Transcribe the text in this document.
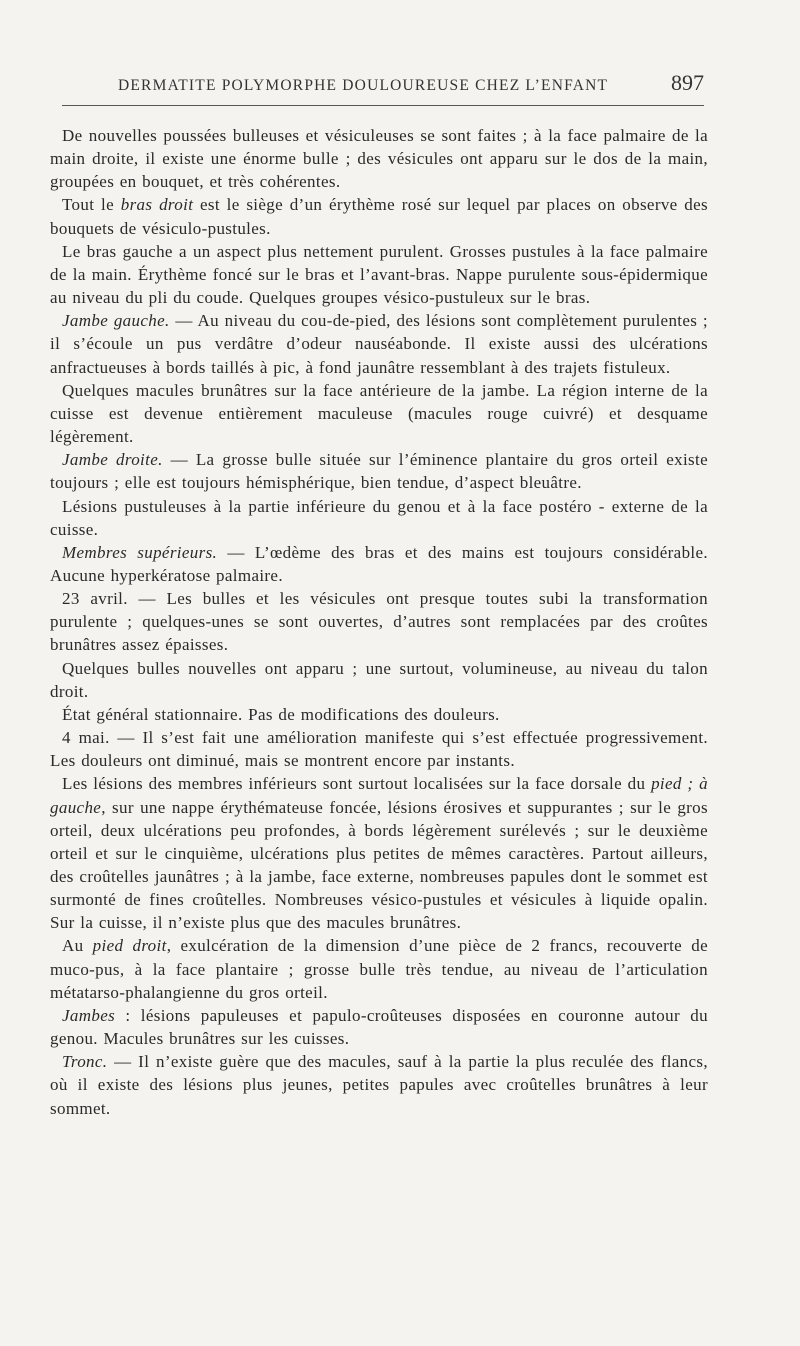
DERMATITE POLYMORPHE DOULOUREUSE CHEZ L’ENFANT	897

De nouvelles poussées bulleuses et vésiculeuses se sont faites ; à la face palmaire de la main droite, il existe une énorme bulle ; des vésicules ont apparu sur le dos de la main, groupées en bouquet, et très cohérentes.

Tout le bras droit est le siège d’un érythème rosé sur lequel par places on observe des bouquets de vésiculo-pustules.

Le bras gauche a un aspect plus nettement purulent. Grosses pustules à la face palmaire de la main. Érythème foncé sur le bras et l’avant-bras. Nappe purulente sous-épidermique au niveau du pli du coude. Quelques groupes vésico-pustuleux sur le bras.

Jambe gauche. — Au niveau du cou-de-pied, des lésions sont complètement purulentes ; il s’écoule un pus verdâtre d’odeur nauséabonde. Il existe aussi des ulcérations anfractueuses à bords taillés à pic, à fond jaunâtre ressemblant à des trajets fistuleux.

Quelques macules brunâtres sur la face antérieure de la jambe. La région interne de la cuisse est devenue entièrement maculeuse (macules rouge cuivré) et desquame légèrement.

Jambe droite. — La grosse bulle située sur l’éminence plantaire du gros orteil existe toujours ; elle est toujours hémisphérique, bien tendue, d’aspect bleuâtre.

Lésions pustuleuses à la partie inférieure du genou et à la face postéro - externe de la cuisse.

Membres supérieurs. — L’œdème des bras et des mains est toujours considérable. Aucune hyperkératose palmaire.

23 avril. — Les bulles et les vésicules ont presque toutes subi la transformation purulente ; quelques-unes se sont ouvertes, d’autres sont remplacées par des croûtes brunâtres assez épaisses.

Quelques bulles nouvelles ont apparu ; une surtout, volumineuse, au niveau du talon droit.

État général stationnaire. Pas de modifications des douleurs.

4 mai. — Il s’est fait une amélioration manifeste qui s’est effectuée progressivement. Les douleurs ont diminué, mais se montrent encore par instants.

Les lésions des membres inférieurs sont surtout localisées sur la face dorsale du pied ; à gauche, sur une nappe érythémateuse foncée, lésions érosives et suppurantes ; sur le gros orteil, deux ulcérations peu profondes, à bords légèrement surélevés ; sur le deuxième orteil et sur le cinquième, ulcérations plus petites de mêmes caractères. Partout ailleurs, des croûtelles jaunâtres ; à la jambe, face externe, nombreuses papules dont le sommet est surmonté de fines croûtelles. Nombreuses vésico-pustules et vésicules à liquide opalin. Sur la cuisse, il n’existe plus que des macules brunâtres.

Au pied droit, exulcération de la dimension d’une pièce de 2 francs, recouverte de muco-pus, à la face plantaire ; grosse bulle très tendue, au niveau de l’articulation métatarso-phalangienne du gros orteil.

Jambes : lésions papuleuses et papulo-croûteuses disposées en couronne autour du genou. Macules brunâtres sur les cuisses.

Tronc. — Il n’existe guère que des macules, sauf à la partie la plus reculée des flancs, où il existe des lésions plus jeunes, petites papules avec croûtelles brunâtres à leur sommet.
